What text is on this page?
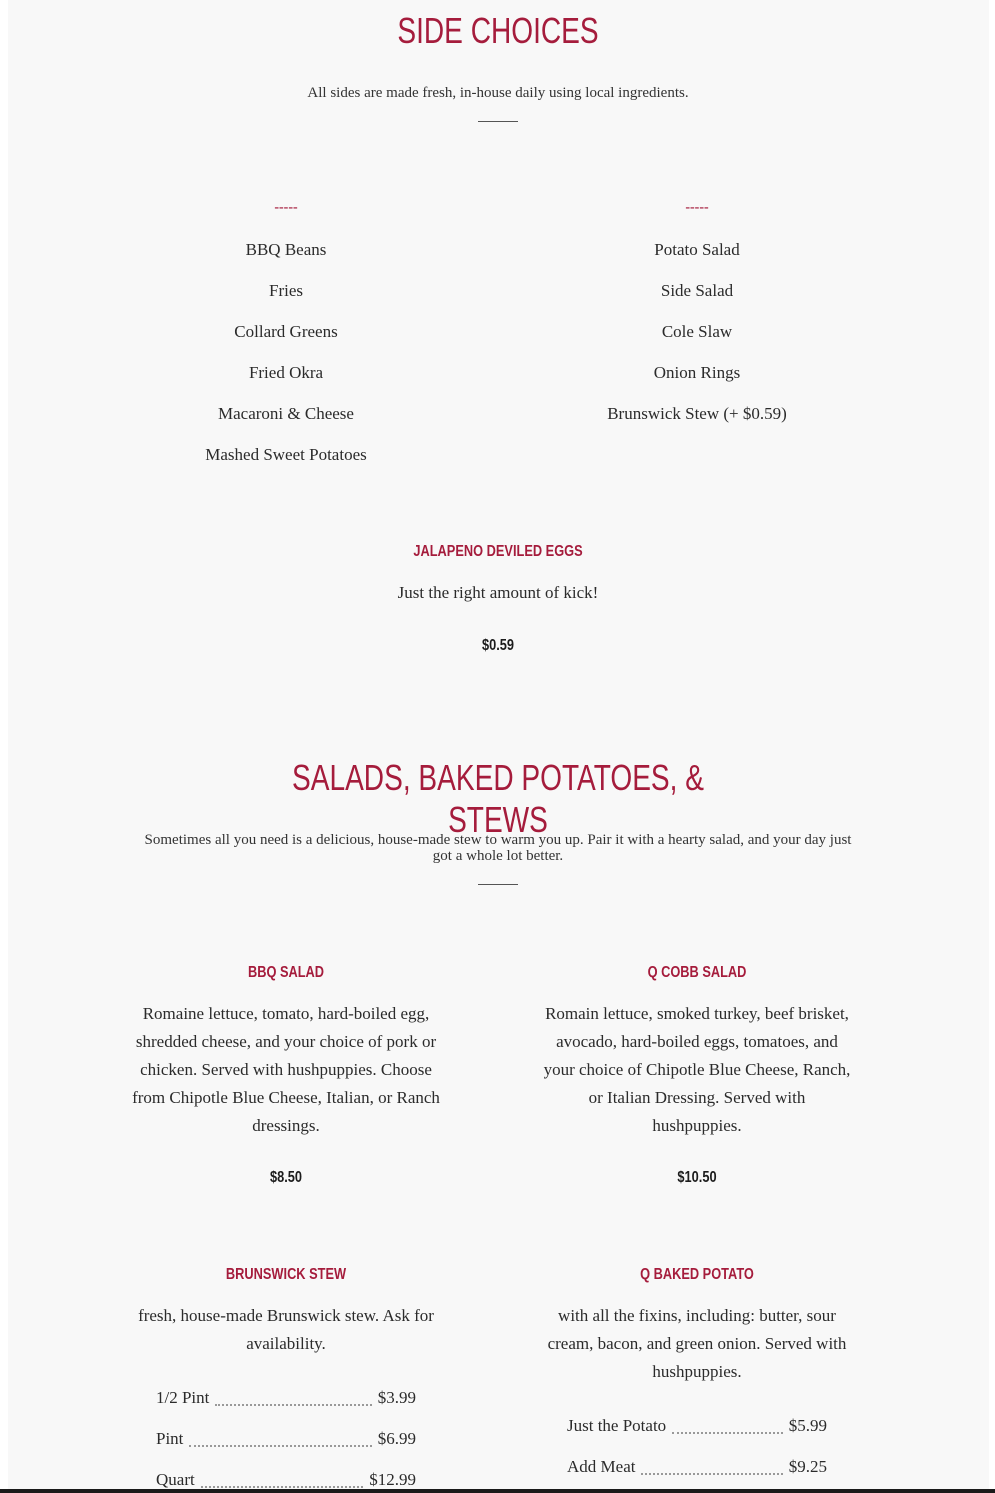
SIDE CHOICES
All sides are made fresh, in-house daily using local ingredients.
-----	-----
BBQ Beans
Fries
Collard Greens
Fried Okra
Macaroni & Cheese
Mashed Sweet Potatoes
Potato Salad
Side Salad
Cole Slaw
Onion Rings
Brunswick Stew (+ $0.59)
JALAPENO DEVILED EGGS
Just the right amount of kick!
$0.59
SALADS, BAKED POTATOES, & STEWS
Sometimes all you need is a delicious, house-made stew to warm you up. Pair it with a hearty salad, and your day just got a whole lot better.
BBQ SALAD
Romaine lettuce, tomato, hard-boiled egg, shredded cheese, and your choice of pork or chicken. Served with hushpuppies. Choose from Chipotle Blue Cheese, Italian, or Ranch dressings.
$8.50
Q COBB SALAD
Romain lettuce, smoked turkey, beef brisket, avocado, hard-boiled eggs, tomatoes, and your choice of Chipotle Blue Cheese, Ranch, or Italian Dressing. Served with hushpuppies.
$10.50
BRUNSWICK STEW
fresh, house-made Brunswick stew. Ask for availability.
1/2 Pint	$3.99
Pint	$6.99
Quart	$12.99
Q BAKED POTATO
with all the fixins, including: butter, sour cream, bacon, and green onion. Served with hushpuppies.
Just the Potato	$5.99
Add Meat	$9.25
